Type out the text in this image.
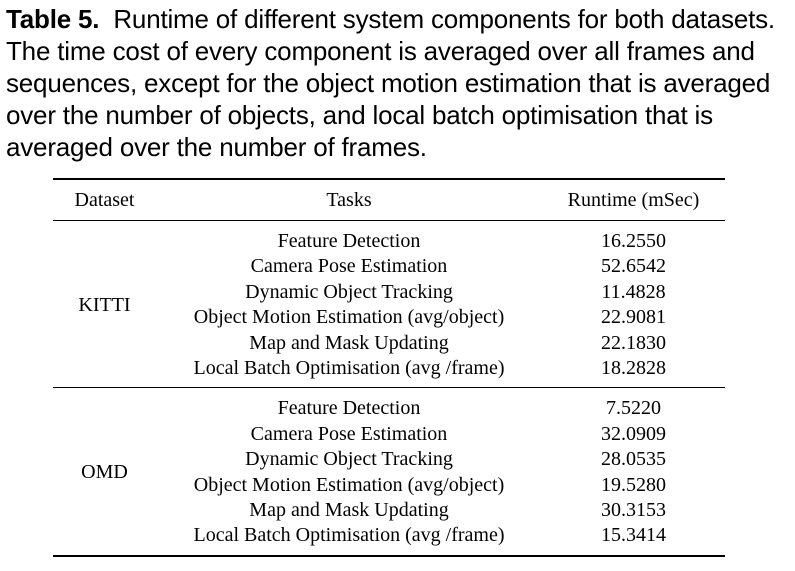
Table 5. Runtime of different system components for both datasets. The time cost of every component is averaged over all frames and sequences, except for the object motion estimation that is averaged over the number of objects, and local batch optimisation that is averaged over the number of frames.
Dataset	Tasks	Runtime (mSec)
KITTI	Feature Detection	16.2550
	Camera Pose Estimation	52.6542
	Dynamic Object Tracking	11.4828
	Object Motion Estimation (avg/object)	22.9081
	Map and Mask Updating	22.1830
	Local Batch Optimisation (avg /frame)	18.2828
OMD	Feature Detection	7.5220
	Camera Pose Estimation	32.0909
	Dynamic Object Tracking	28.0535
	Object Motion Estimation (avg/object)	19.5280
	Map and Mask Updating	30.3153
	Local Batch Optimisation (avg /frame)	15.3414
